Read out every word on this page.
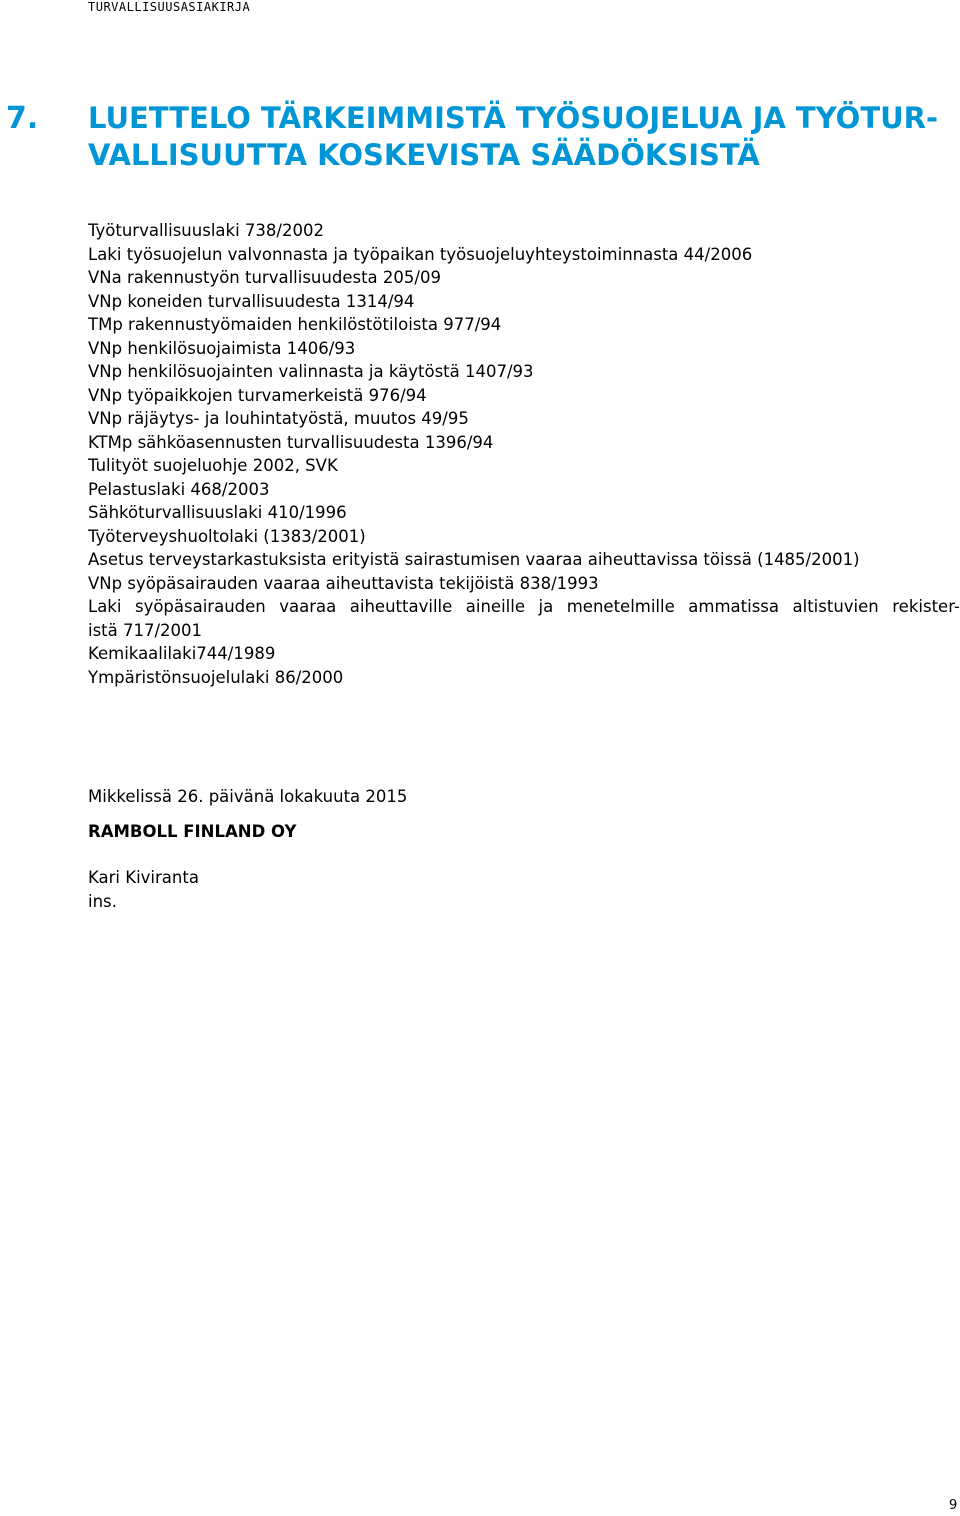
TURVALLISUUSASIAKIRJA
7. LUETTELO TÄRKEIMMISTÄ TYÖSUOJELUA JA TYÖTUR-
VALLISUUTTA KOSKEVISTA SÄÄDÖKSISTÄ
Työturvallisuuslaki 738/2002
Laki työsuojelun valvonnasta ja työpaikan työsuojeluyhteystoiminnasta 44/2006
VNa rakennustyön turvallisuudesta 205/09
VNp koneiden turvallisuudesta 1314/94
TMp rakennustyömaiden henkilöstötiloista 977/94
VNp henkilösuojaimista 1406/93
VNp henkilösuojainten valinnasta ja käytöstä 1407/93
VNp työpaikkojen turvamerkeistä 976/94
VNp räjäytys- ja louhintatyöstä, muutos 49/95
KTMp sähköasennusten turvallisuudesta 1396/94
Tulityöt suojeluohje 2002, SVK
Pelastuslaki 468/2003
Sähköturvallisuuslaki 410/1996
Työterveyshuoltolaki (1383/2001)
Asetus terveystarkastuksista erityistä sairastumisen vaaraa aiheuttavissa töissä (1485/2001)
VNp syöpäsairauden vaaraa aiheuttavista tekijöistä 838/1993
Laki syöpäsairauden vaaraa aiheuttaville aineille ja menetelmille ammatissa altistuvien rekister-
istä 717/2001
Kemikaalilaki744/1989
Ympäristönsuojelulaki 86/2000
Mikkelissä 26. päivänä lokakuuta 2015
RAMBOLL FINLAND OY
Kari Kiviranta
ins.
9
